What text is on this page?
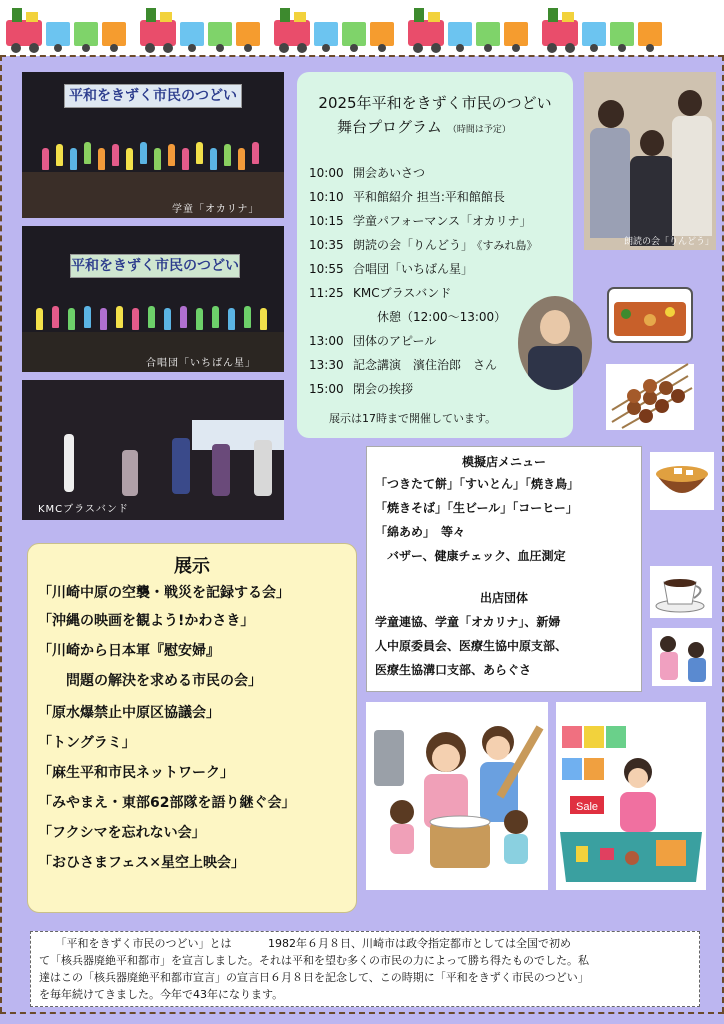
平和をきずく市民のつどい
学童「オカリナ」
平和をきずく市民のつどい
合唱団「いちばん星」
KMCブラスバンド
2025年平和をきずく市民のつどい
舞台プログラム （時間は予定）
10:00 開会あいさつ
10:10 平和館紹介 担当:平和館館長
10:15 学童パフォーマンス「オカリナ」
10:35 朗読の会「りんどう」 《すみれ島》
10:55 合唱団「いちばん星」
11:25 KMCブラスバンド
　　休憩（12:00〜13:00）
13:00 団体のアピール
13:30 記念講演　濱住治郎　さん
15:00 閉会の挨拶
展示は17時まで開催しています。
朗読の会「りんどう」
模擬店メニュー
「つきたて餅」「すいとん」「焼き鳥」
「焼きそば」「生ビール」「コーヒー」
「綿あめ」　等々
　バザー、健康チェック、血圧測定
出店団体
学童連協、学童「オカリナ」、新婦
人中原委員会、医療生協中原支部、
医療生協溝口支部、あらぐさ
展示
「川崎中原の空襲・戦災を記録する会」
「沖縄の映画を観よう!かわさき」
「川崎から日本軍『慰安婦』
　　問題の解決を求める市民の会」
「原水爆禁止中原区協議会」
「トングラミ」
「麻生平和市民ネットワーク」
「みやまえ・東部62部隊を語り継ぐ会」
「フクシマを忘れない会」
「おひさまフェス✕星空上映会」
Sale
　　「平和をきずく市民のつどい」とは　　　 1982年６月８日、川崎市は政令指定都市としては全国で初め
て「核兵器廃絶平和都市」を宣言しました。それは平和を望む多くの市民の力によって勝ち得たものでした。私
達はこの「核兵器廃絶平和都市宣言」の宣言日６月８日を記念して、この時期に「平和をきずく市民のつどい」
を毎年続けてきました。今年で43年になります。
